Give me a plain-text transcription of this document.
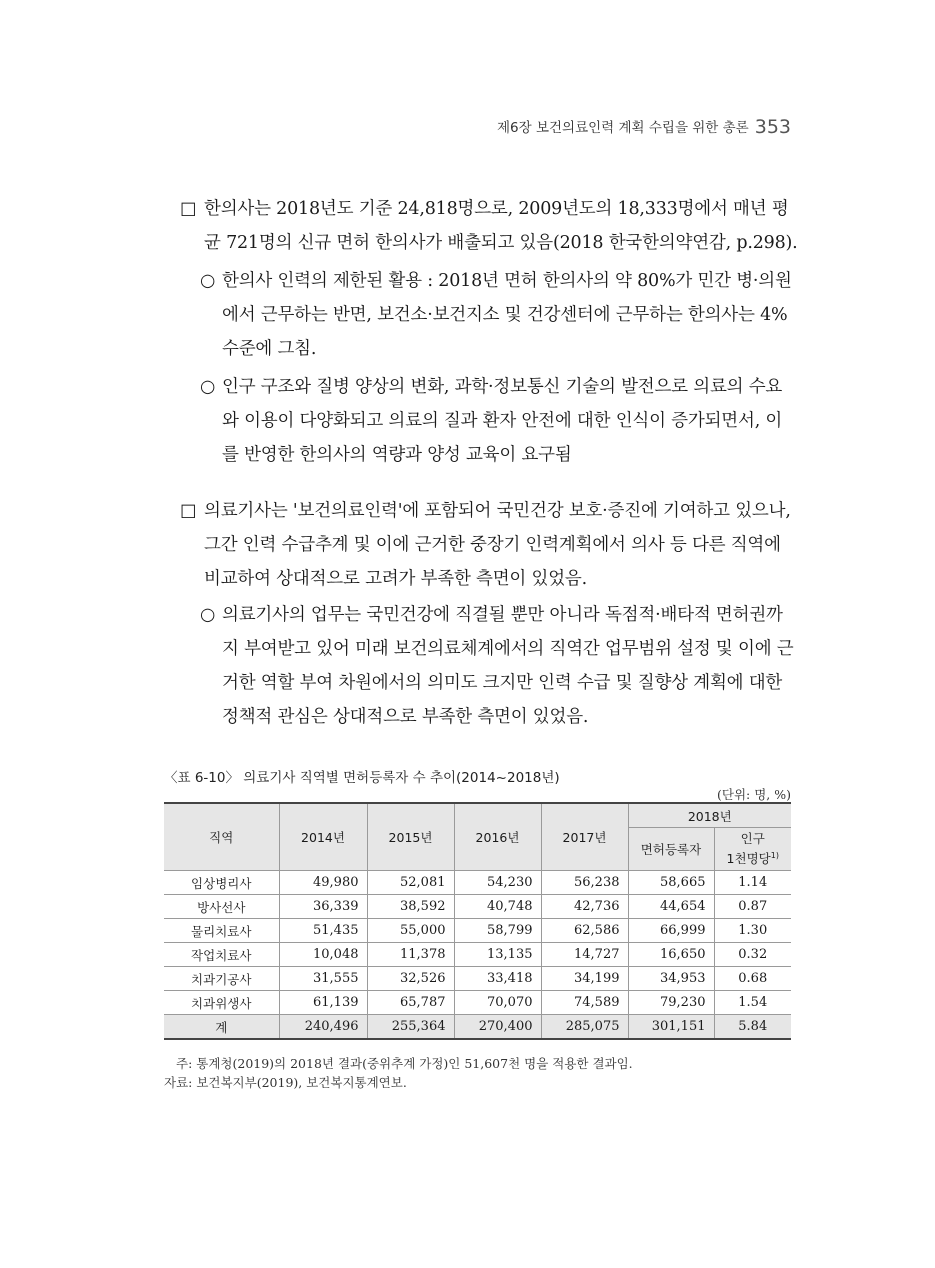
제6장 보건의료인력 계획 수립을 위한 총론 353
□ 한의사는 2018년도 기준 24,818명으로, 2009년도의 18,333명에서 매년 평균 721명의 신규 면허 한의사가 배출되고 있음(2018 한국한의약연감, p.298).
○ 한의사 인력의 제한된 활용 : 2018년 면허 한의사의 약 80%가 민간 병·의원에서 근무하는 반면, 보건소·보건지소 및 건강센터에 근무하는 한의사는 4% 수준에 그침.
○ 인구 구조와 질병 양상의 변화, 과학·정보통신 기술의 발전으로 의료의 수요와 이용이 다양화되고 의료의 질과 환자 안전에 대한 인식이 증가되면서, 이를 반영한 한의사의 역량과 양성 교육이 요구됨
□ 의료기사는 '보건의료인력'에 포함되어 국민건강 보호·증진에 기여하고 있으나, 그간 인력 수급추계 및 이에 근거한 중장기 인력계획에서 의사 등 다른 직역에 비교하여 상대적으로 고려가 부족한 측면이 있었음.
○ 의료기사의 업무는 국민건강에 직결될 뿐만 아니라 독점적·배타적 면허권까지 부여받고 있어 미래 보건의료체계에서의 직역간 업무범위 설정 및 이에 근거한 역할 부여 차원에서의 의미도 크지만 인력 수급 및 질향상 계획에 대한 정책적 관심은 상대적으로 부족한 측면이 있었음.
〈표 6-10〉 의료기사 직역별 면허등록자 수 추이(2014~2018년)
(단위: 명, %)
직역	2014년	2015년	2016년	2017년	2018년	
					면허등록자	인구
1천명당$^{1)}$
임상병리사	49,980	52,081	54,230	56,238	58,665	1.14
방사선사	36,339	38,592	40,748	42,736	44,654	0.87
물리치료사	51,435	55,000	58,799	62,586	66,999	1.30
작업치료사	10,048	11,378	13,135	14,727	16,650	0.32
치과기공사	31,555	32,526	33,418	34,199	34,953	0.68
치과위생사	61,139	65,787	70,070	74,589	79,230	1.54
계	240,496	255,364	270,400	285,075	301,151	5.84
주: 통계청(2019)의 2018년 결과(중위추계 가정)인 51,607천 명을 적용한 결과임.
자료: 보건복지부(2019), 보건복지통계연보.
